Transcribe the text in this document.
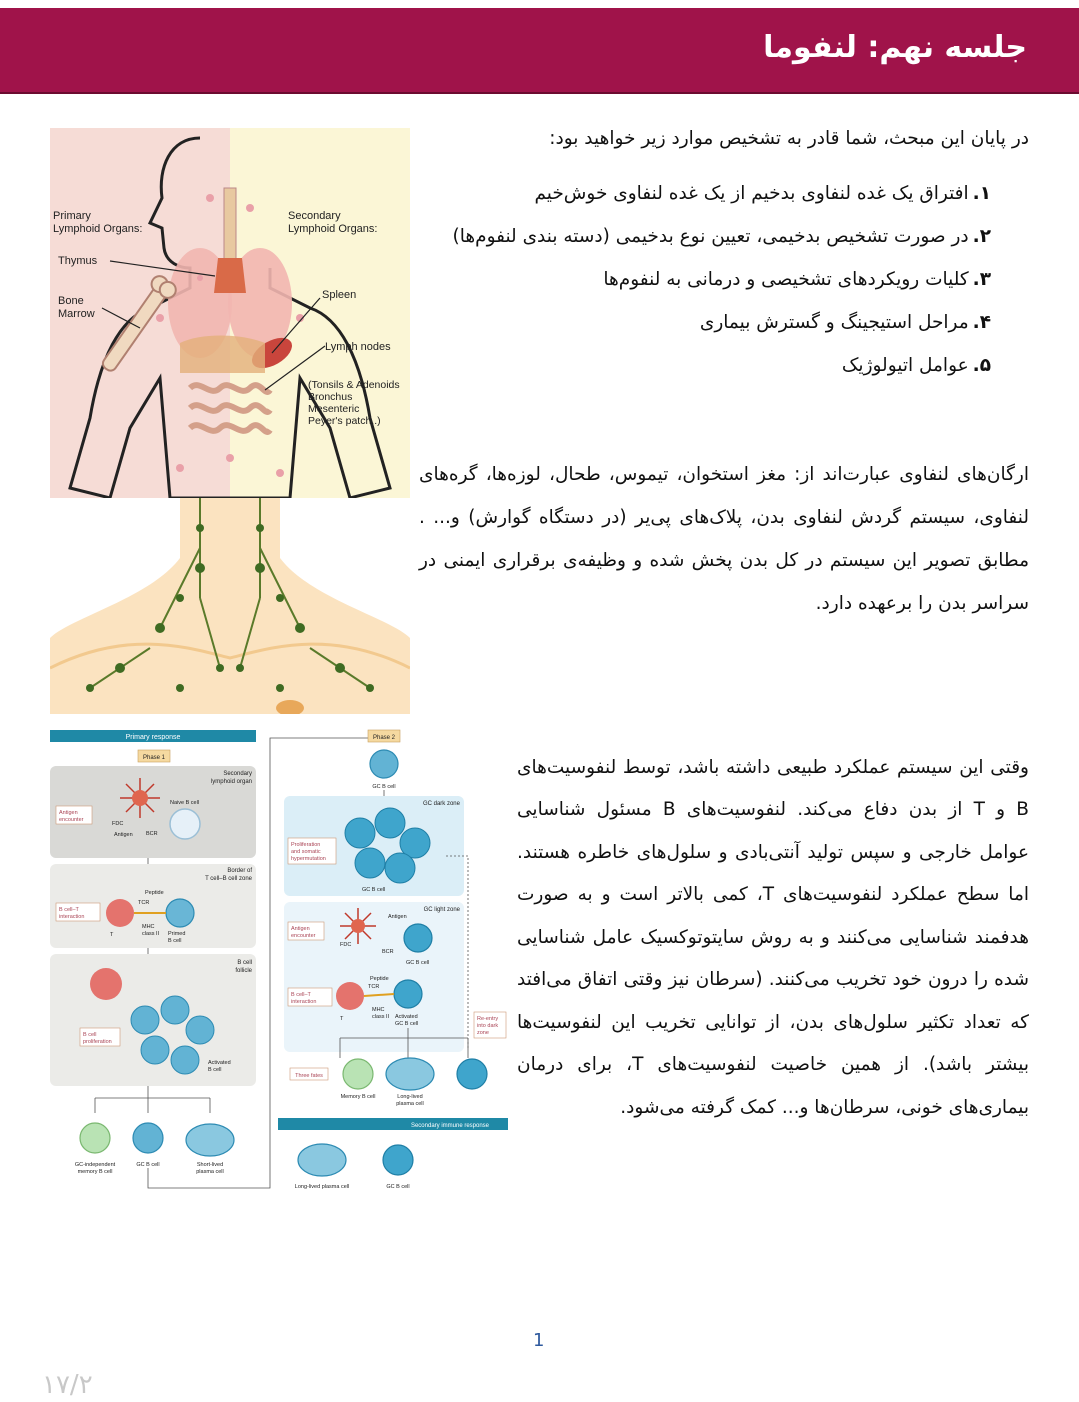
جلسه نهم: لنفوما
در پایان این مبحث، شما قادر به تشخیص موارد زیر خواهید بود:
۱.افتراق یک غده لنفاوی بدخیم از یک غده لنفاوی خوش‌خیم
۲.در صورت تشخیص بدخیمی، تعیین نوع بدخیمی (دسته بندی لنفوم‌ها)
۳.کلیات رویکردهای تشخیصی و درمانی به لنفوم‌ها
۴.مراحل استیجینگ و گسترش بیماری
۵.عوامل اتیولوژیک

ارگان‌های لنفاوی عبارت‌اند از: مغز استخوان، تیموس، طحال، لوزه‌ها، گره‌های لنفاوی، سیستم گردش لنفاوی بدن، پلاک‌های پی‌یر (در دستگاه گوارش) و... . مطابق تصویر این سیستم در کل بدن پخش شده و وظیفه‌ی برقراری ایمنی در سراسر بدن را برعهده دارد.

وقتی این سیستم عملکرد طبیعی داشته باشد، توسط لنفوسیت‌های B و T از بدن دفاع می‌کند. لنفوسیت‌های B مسئول شناسایی عوامل خارجی و سپس تولید آنتی‌بادی و سلول‌های خاطره هستند. اما سطح عملکرد لنفوسیت‌های T، کمی بالاتر است و به صورت هدفمند شناسایی می‌کنند و به روش سایتوتوکسیک عامل شناسایی شده را درون خود تخریب می‌کنند. (سرطان نیز وقتی اتفاق می‌افتد که تعداد تکثیر سلول‌های بدن، از توانایی تخریب این لنفوسیت‌ها بیشتر باشد). از همین خاصیت لنفوسیت‌های T، برای درمان بیماری‌های خونی، سرطان‌ها و... کمک گرفته می‌شود.

Primary
Lymphoid Organs:
Secondary
Lymphoid Organs:
Thymus
Bone
Marrow
Spleen
Lymph nodes
(Tonsils & Adenoids
Bronchus
Mesenteric
Peyer's patch..)
Primary response
Phase 1
Secondary
lymphoid organ
Antigen
encounter
FDC
Antigen BCR
Naive B cell
Border of
T cell–B cell zone
B cell–T
interaction
Peptide
TCR
T
MHC
class II Primed
B cell
B cell
follicle
B cell
proliferation
Activated
B cell
GC-independent
memory B cell
GC B cell	Short-lived
plasma cell
Phase 2
GC B cell
GC dark zone
Proliferation
and somatic
hypermutation
GC B cell
GC light zone
Antigen
encounter
FDC
Antigen
BCR
GC B cell
B cell–T
interaction
Peptide
TCR
T
MHC
class II Activated
GC B cell
Re-entry
into dark
zone
Three fates
Memory B cell	Long-lived
plasma cell
Secondary immune response
Long-lived plasma cell	GC B cell
1
۱۷/۲
